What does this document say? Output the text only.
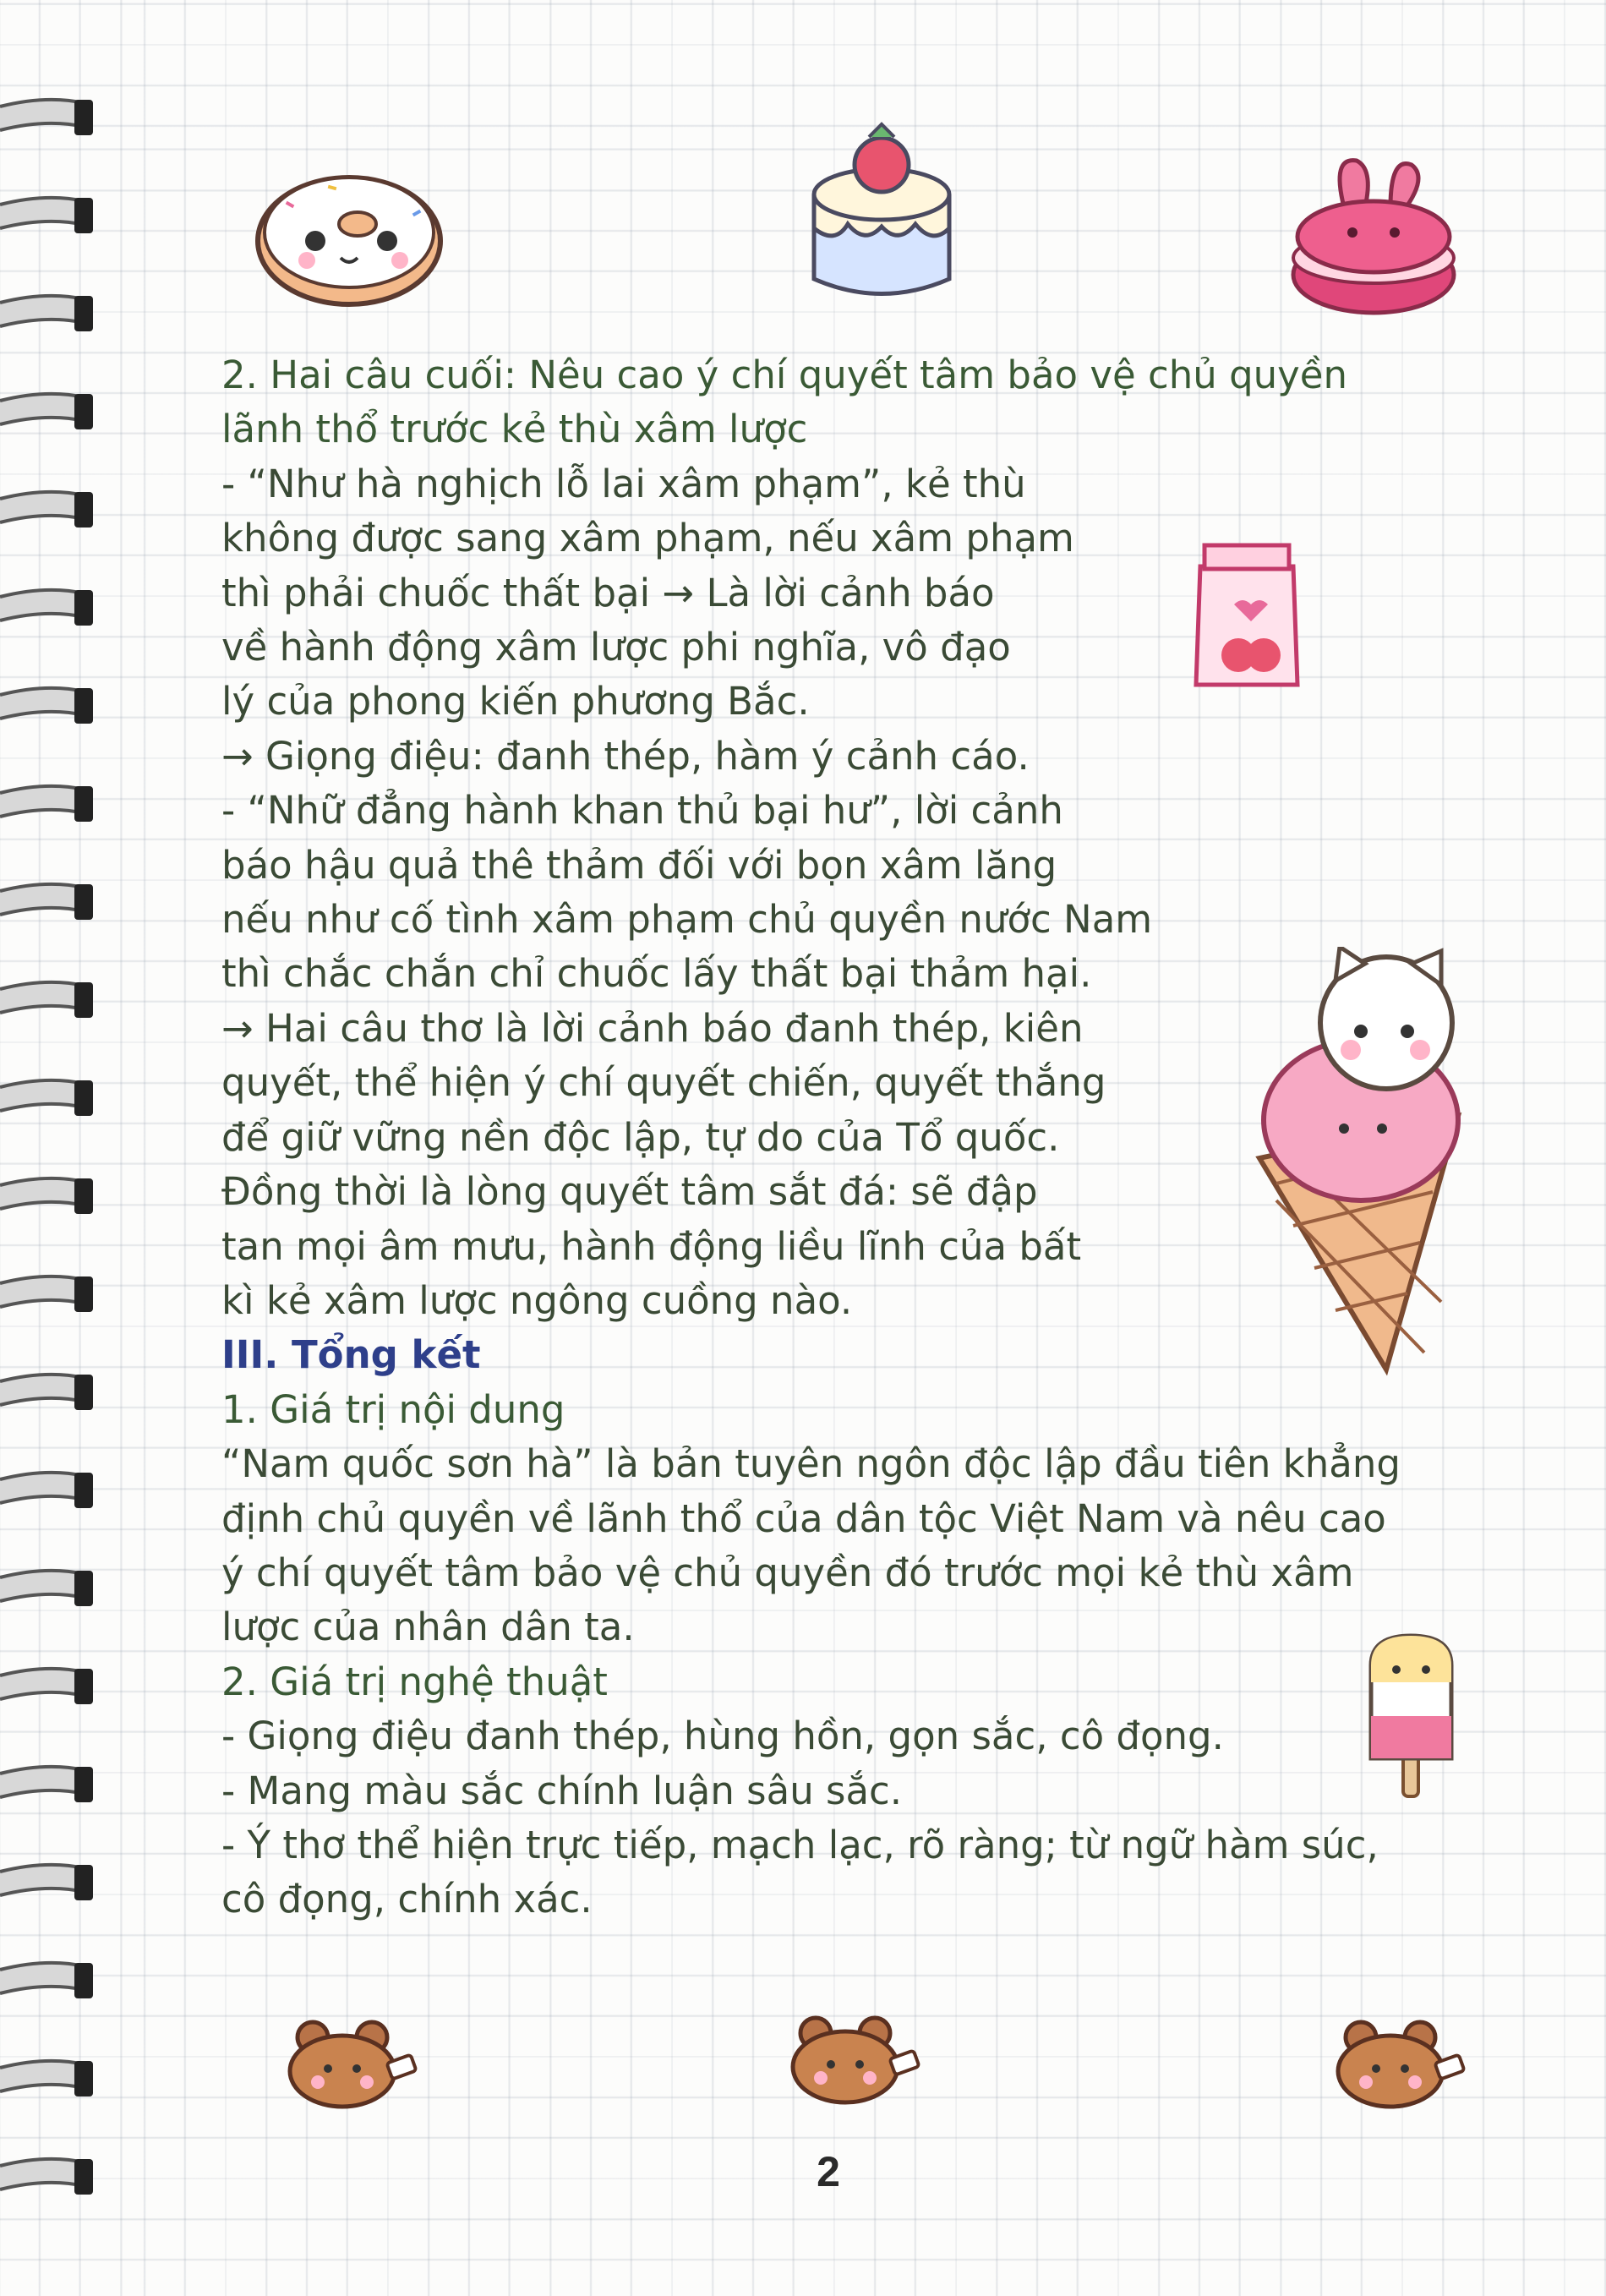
2. Hai câu cuối: Nêu cao ý chí quyết tâm bảo vệ chủ quyền
lãnh thổ trước kẻ thù xâm lược
- “Như hà nghịch lỗ lai xâm phạm”, kẻ thù
không được sang xâm phạm, nếu xâm phạm
thì phải chuốc thất bại → Là lời cảnh báo
về hành động xâm lược phi nghĩa, vô đạo
lý của phong kiến phương Bắc.
→ Giọng điệu: đanh thép, hàm ý cảnh cáo.
- “Nhữ đẳng hành khan thủ bại hư”, lời cảnh
báo hậu quả thê thảm đối với bọn xâm lăng
nếu như cố tình xâm phạm chủ quyền nước Nam
thì chắc chắn chỉ chuốc lấy thất bại thảm hại.
→ Hai câu thơ là lời cảnh báo đanh thép, kiên
quyết, thể hiện ý chí quyết chiến, quyết thắng
để giữ vững nền độc lập, tự do của Tổ quốc.
Đồng thời là lòng quyết tâm sắt đá: sẽ đập
tan mọi âm mưu, hành động liều lĩnh của bất
kì kẻ xâm lược ngông cuồng nào.
III. Tổng kết
1. Giá trị nội dung
“Nam quốc sơn hà” là bản tuyên ngôn độc lập đầu tiên khẳng
định chủ quyền về lãnh thổ của dân tộc Việt Nam và nêu cao
ý chí quyết tâm bảo vệ chủ quyền đó trước mọi kẻ thù xâm
lược của nhân dân ta.
2. Giá trị nghệ thuật
- Giọng điệu đanh thép, hùng hồn, gọn sắc, cô đọng.
- Mang màu sắc chính luận sâu sắc.
- Ý thơ thể hiện trực tiếp, mạch lạc, rõ ràng; từ ngữ hàm súc,
cô đọng, chính xác.
2
